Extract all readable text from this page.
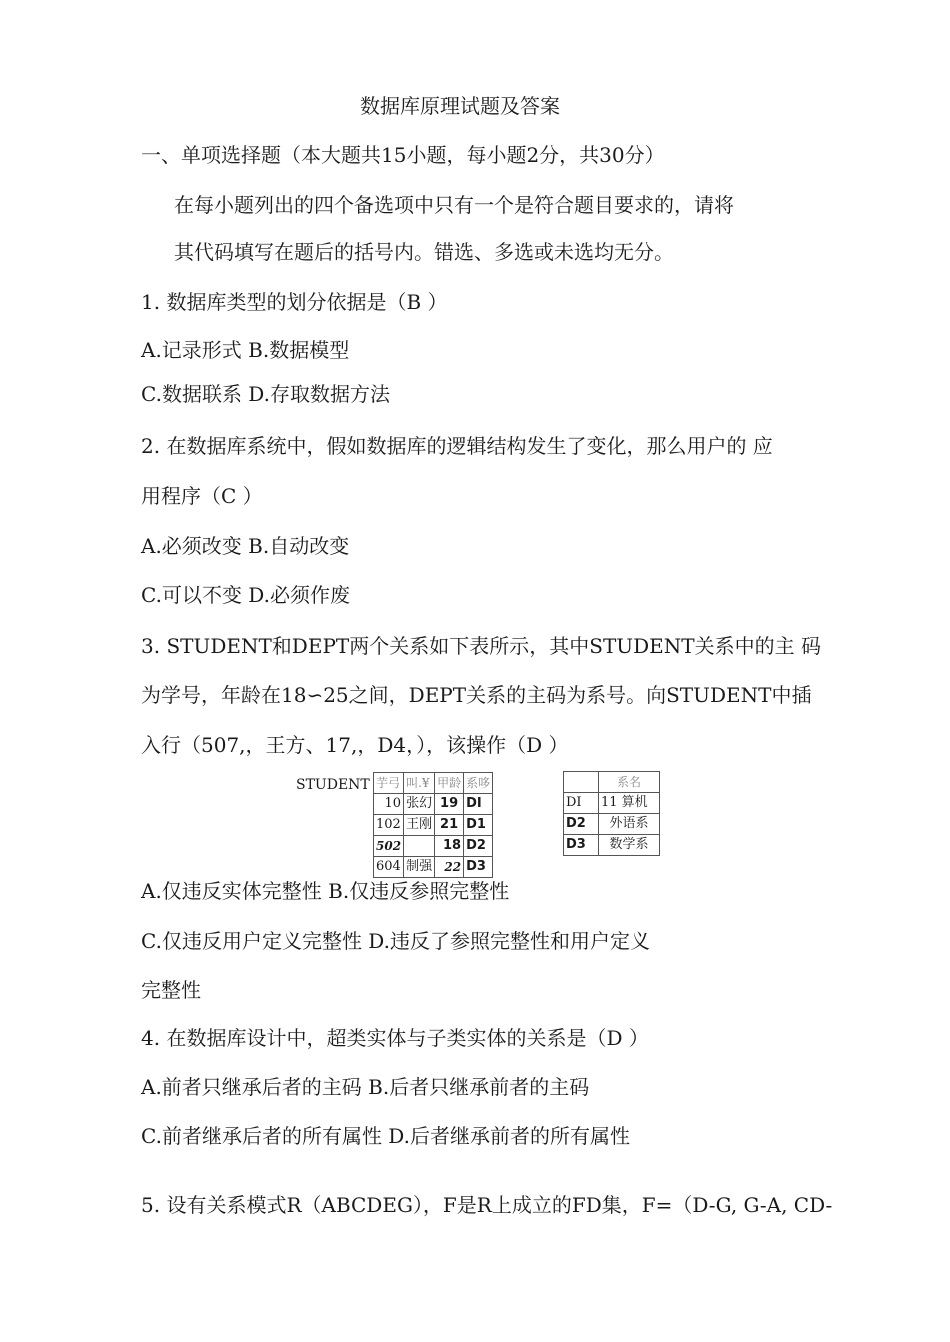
数据库原理试题及答案
一、单项选择题（本大题共15小题，每小题2分，共30分）
在每小题列出的四个备选项中只有一个是符合题目要求的，请将
其代码填写在题后的括号内。错选、多选或未选均无分。
1. 数据库类型的划分依据是（B ）
A.记录形式 B.数据模型
C.数据联系 D.存取数据方法
2. 在数据库系统中，假如数据库的逻辑结构发生了变化，那么用户的 应
用程序（C ）
A.必须改变 B.自动改变
C.可以不变 D.必须作废
3. STUDENT和DEPT两个关系如下表所示，其中STUDENT关系中的主 码
为学号，年龄在18∽25之间，DEPT关系的主码为系号。向STUDENT中插
入行（507,，王方、17,，D4，），该操作（D ）
STUDENT 芋弓	叫.¥	甲龄	系哆
10	张幻	19	DI
102	王刚	21	D1
502		18	D2
604	制强	22	D3
	系名
DI	11 算机
D2	外语系
D3	数学系
A.仅违反实体完整性 B.仅违反参照完整性
C.仅违反用户定义完整性 D.违反了参照完整性和用户定义
完整性
4. 在数据库设计中，超类实体与子类实体的关系是（D ）
A.前者只继承后者的主码 B.后者只继承前者的主码
C.前者继承后者的所有属性 D.后者继承前者的所有属性
5. 设有关系模式R（ABCDEG），F是R上成立的FD集，F=（D-G, G-A, CD-
